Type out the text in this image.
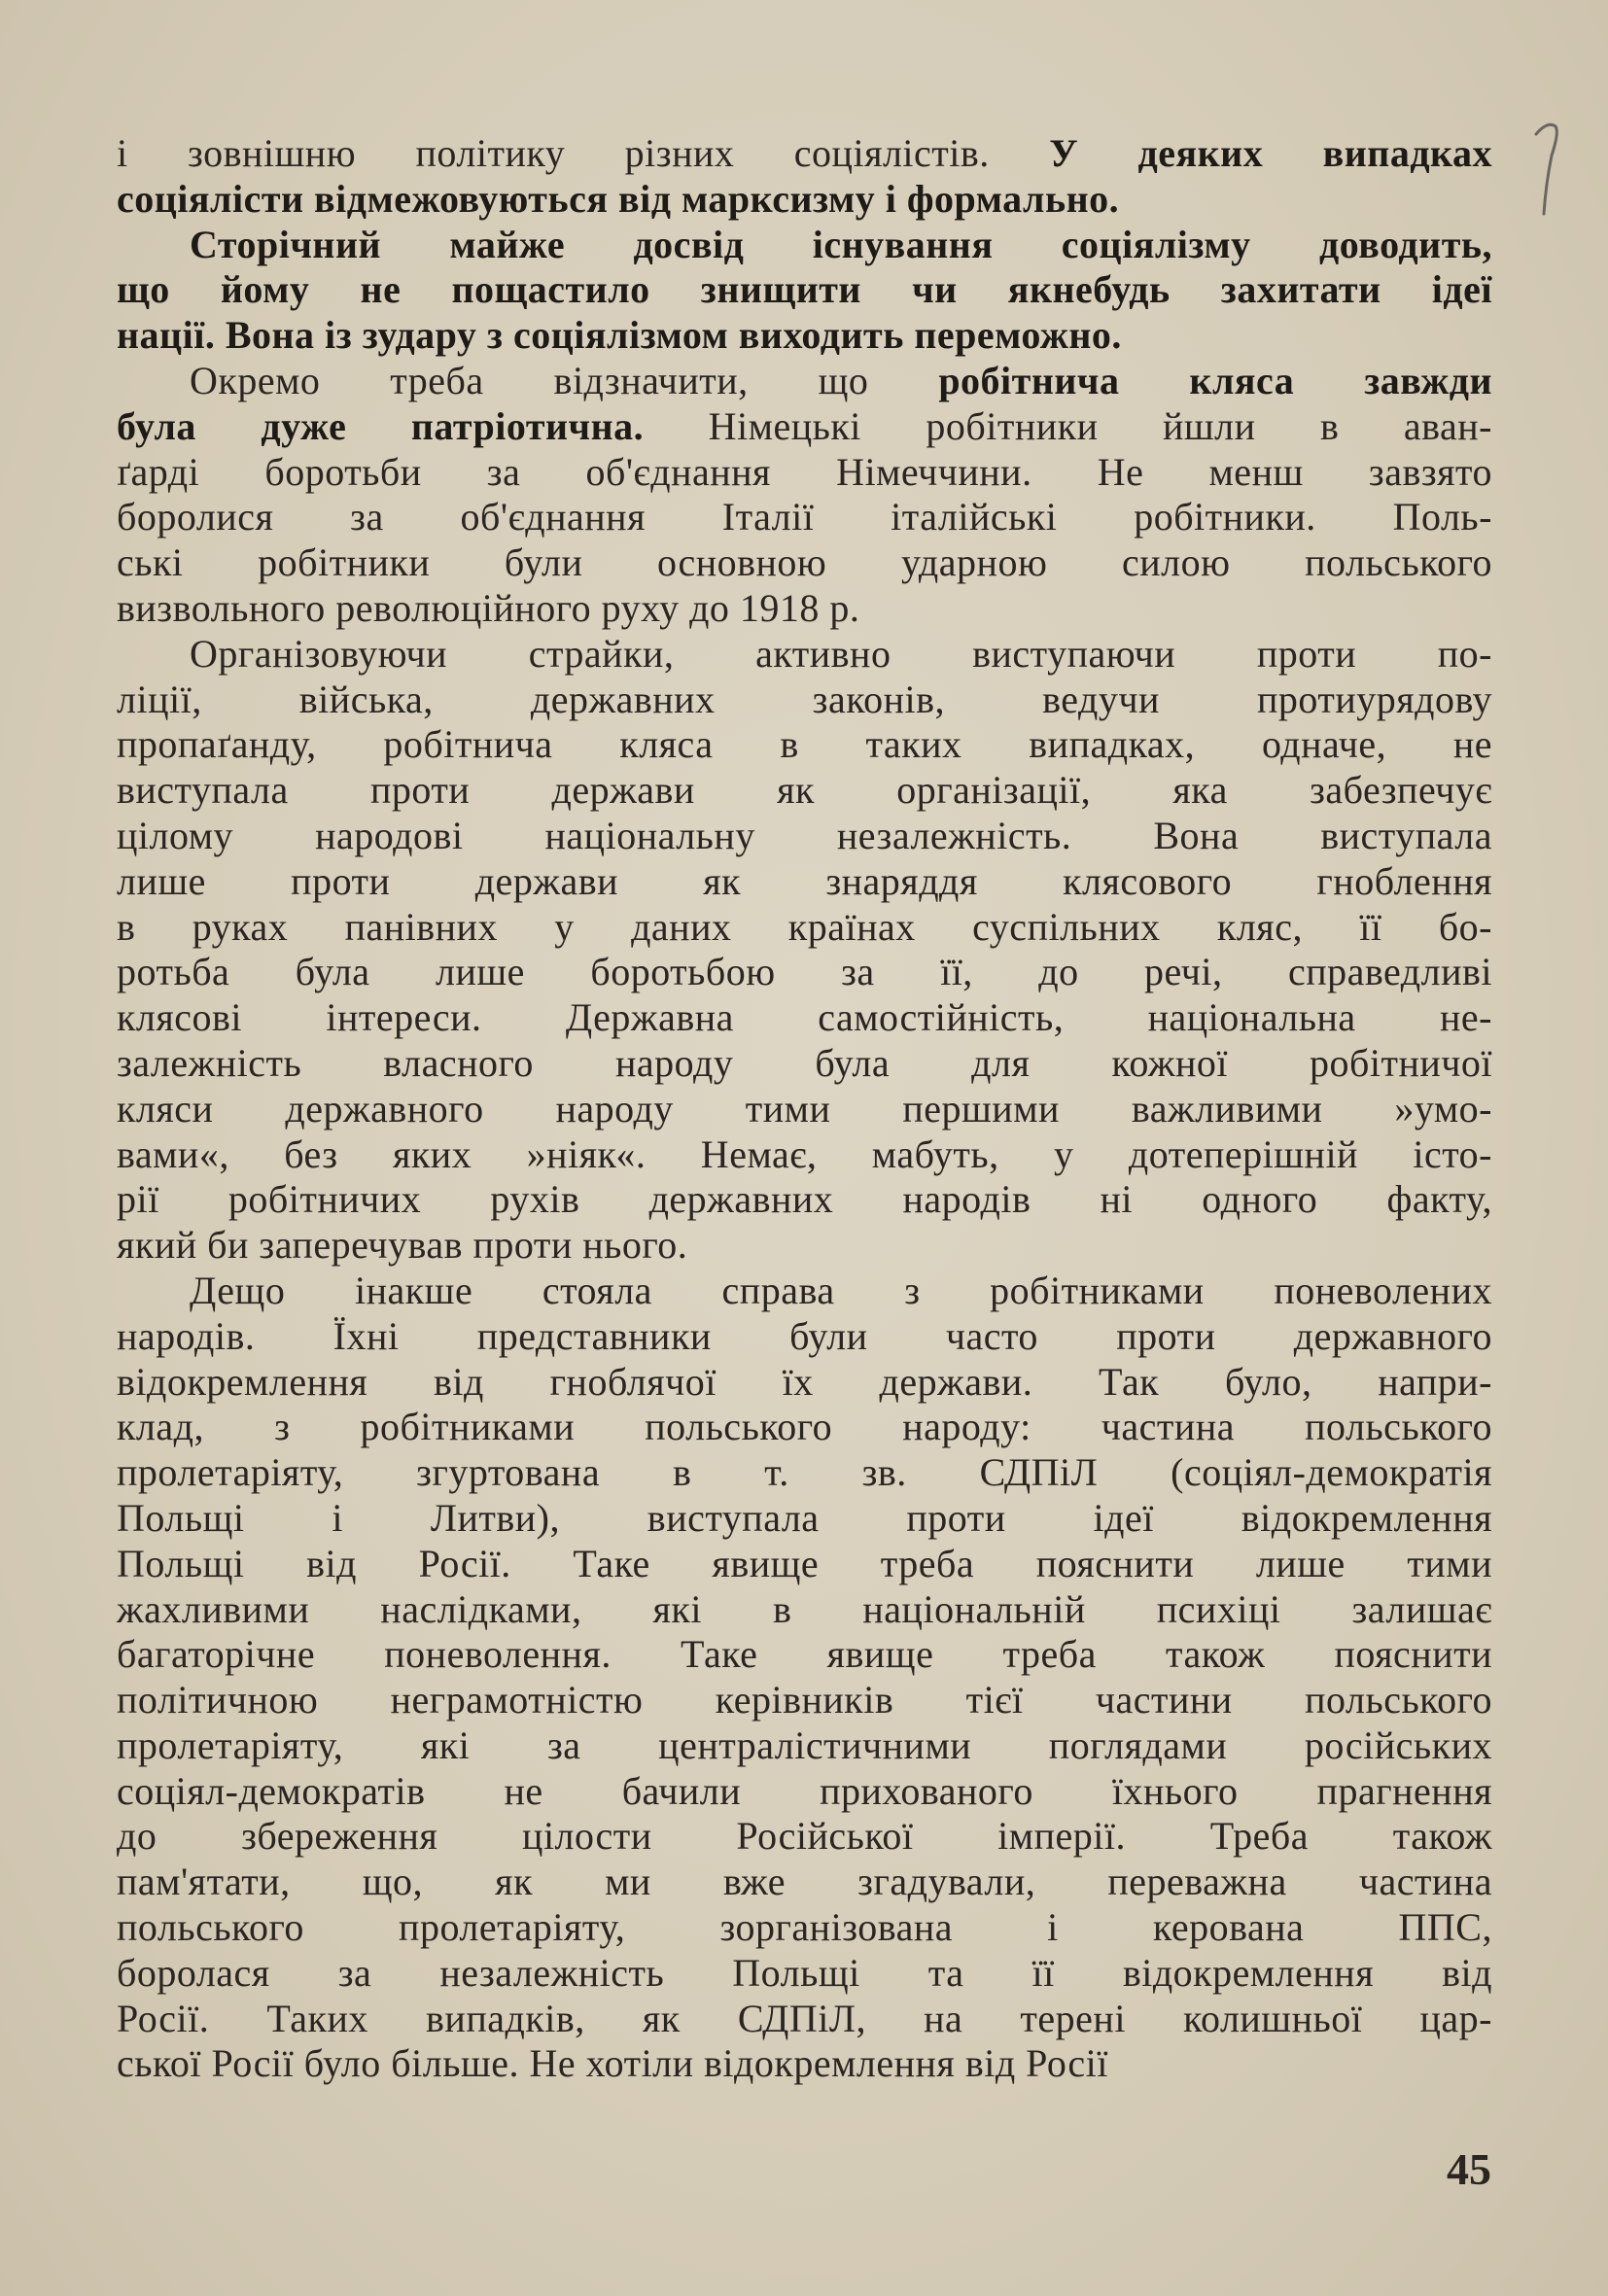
і зовнішню політику різних соціялістів. У деяких випадках
соціялісти відмежовуються від марксизму і формально.
Сторічний майже досвід існування соціялізму доводить,
що йому не пощастило знищити чи якнебудь захитати ідеї
нації. Вона із зудару з соціялізмом виходить переможно.
Окремо треба відзначити, що робітнича кляса завжди
була дуже патріотична. Німецькі робітники йшли в аван-
ґарді боротьби за об'єднання Німеччини. Не менш завзято
боролися за об'єднання Італії італійські робітники. Поль-
ські робітники були основною ударною силою польського
визвольного революційного руху до 1918 р.
Організовуючи страйки, активно виступаючи проти по-
ліції, війська, державних законів, ведучи протиурядову
пропаґанду, робітнича кляса в таких випадках, одначе, не
виступала проти держави як організації, яка забезпечує
цілому народові національну незалежність. Вона виступала
лише проти держави як знаряддя клясового гноблення
в руках панівних у даних країнах суспільних кляс, її бо-
ротьба була лише боротьбою за її, до речі, справедливі
клясові інтереси. Державна самостійність, національна не-
залежність власного народу була для кожної робітничої
кляси державного народу тими першими важливими »умо-
вами«, без яких »ніяк«. Немає, мабуть, у дотеперішній істо-
рії робітничих рухів державних народів ні одного факту,
який би заперечував проти нього.
Дещо інакше стояла справа з робітниками поневолених
народів. Їхні представники були часто проти державного
відокремлення від гноблячої їх держави. Так було, напри-
клад, з робітниками польського народу: частина польського
пролетаріяту, згуртована в т. зв. СДПіЛ (соціял-демократія
Польщі і Литви), виступала проти ідеї відокремлення
Польщі від Росії. Таке явище треба пояснити лише тими
жахливими наслідками, які в національній психіці залишає
багаторічне поневолення. Таке явище треба також пояснити
політичною неграмотністю керівників тієї частини польського
пролетаріяту, які за централістичними поглядами російських
соціял-демократів не бачили прихованого їхнього прагнення
до збереження цілости Російської імперії. Треба також
пам'ятати, що, як ми вже згадували, переважна частина
польського пролетаріяту, зорганізована і керована ППС,
боролася за незалежність Польщі та її відокремлення від
Росії. Таких випадків, як СДПіЛ, на терені колишньої цар-
ської Росії було більше. Не хотіли відокремлення від Росії
45
